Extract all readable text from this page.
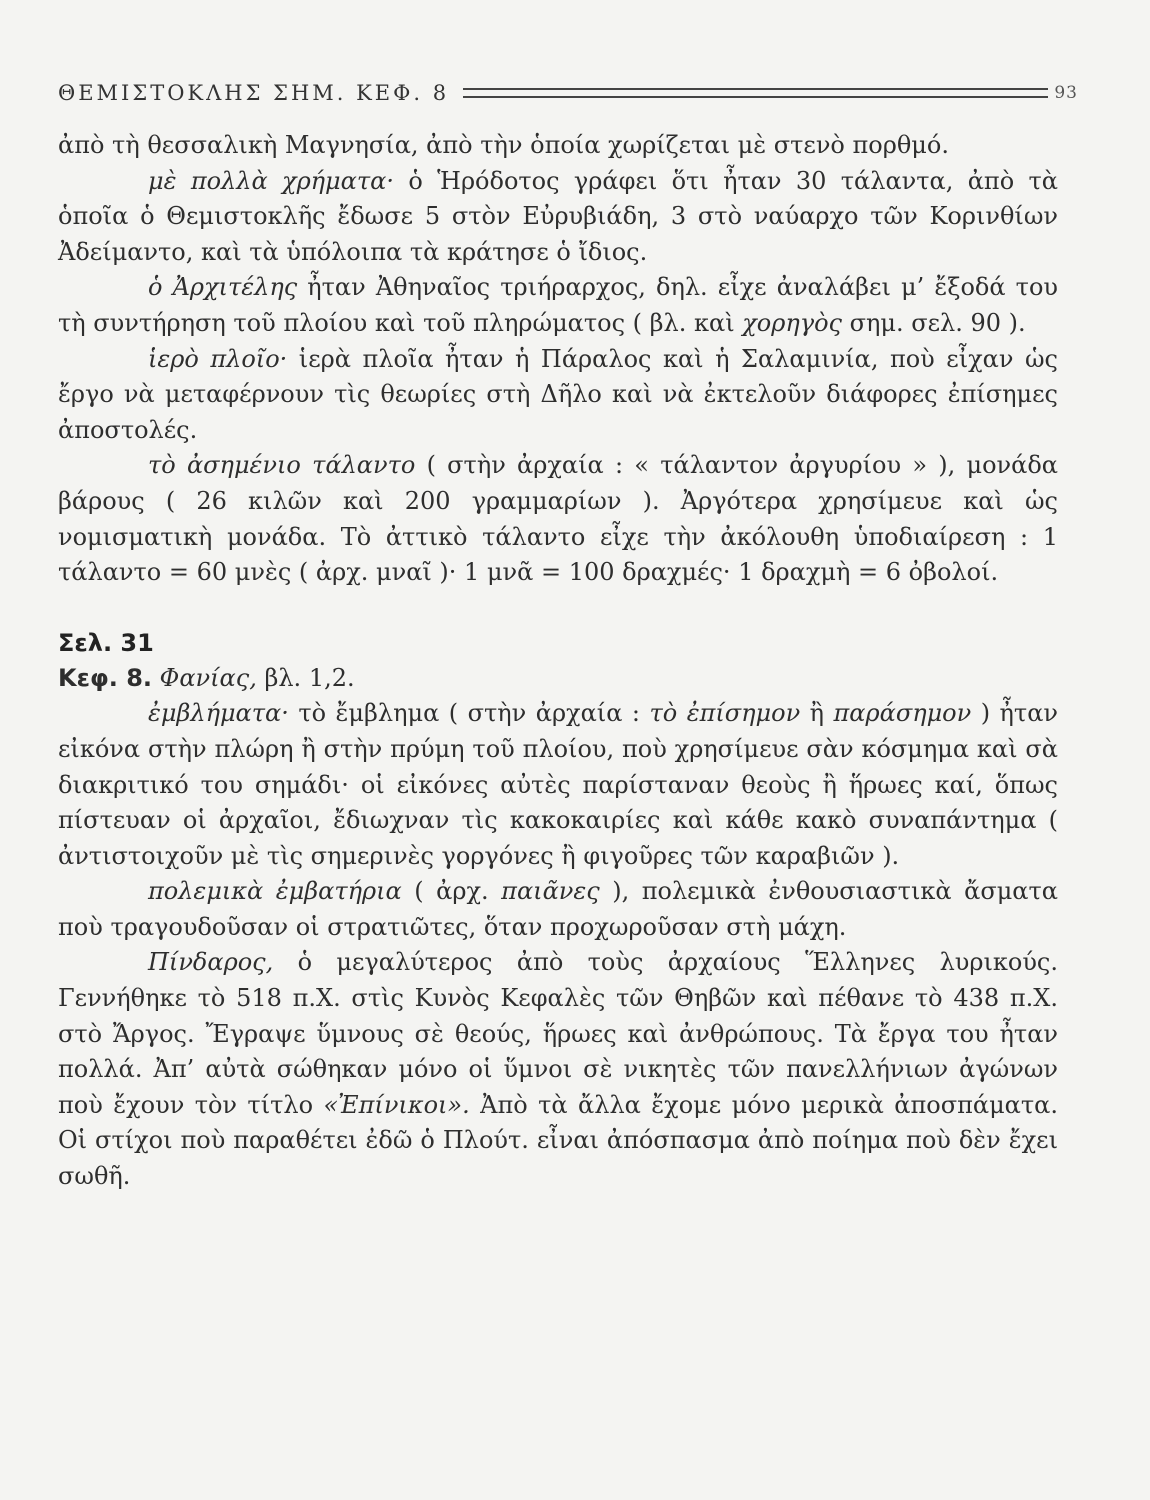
ΘΕΜΙΣΤΟΚΛΗΣ ΣΗΜ. ΚΕΦ. 8	93

ἀπὸ τὴ θεσσαλικὴ Μαγνησία, ἀπὸ τὴν ὁποία χωρίζεται μὲ στενὸ πορθμό.

μὲ πολλὰ χρήματα· ὁ Ἡρόδοτος γράφει ὅτι ἦταν 30 τάλαντα, ἀπὸ τὰ ὁποῖα ὁ Θεμιστοκλῆς ἔδωσε 5 στὸν Εὐρυβιάδη, 3 στὸ ναύαρχο τῶν Κορινθίων Ἀδείμαντο, καὶ τὰ ὑπόλοιπα τὰ κράτησε ὁ ἴδιος.

ὁ Ἀρχιτέλης ἦταν Ἀθηναῖος τριήραρχος, δηλ. εἶχε ἀναλάβει μ’ ἔξοδά του τὴ συντήρηση τοῦ πλοίου καὶ τοῦ πληρώματος ( βλ. καὶ χορηγὸς σημ. σελ. 90 ).

ἱερὸ πλοῖο· ἱερὰ πλοῖα ἦταν ἡ Πάραλος καὶ ἡ Σαλαμινία, ποὺ εἶχαν ὡς ἔργο νὰ μεταφέρνουν τὶς θεωρίες στὴ Δῆλο καὶ νὰ ἐκτελοῦν διάφορες ἐπίσημες ἀποστολές.

τὸ ἀσημένιο τάλαντο ( στὴν ἀρχαία : « τάλαντον ἀργυρίου » ), μονάδα βάρους ( 26 κιλῶν καὶ 200 γραμμαρίων ). Ἀργότερα χρησίμευε καὶ ὡς νομισματικὴ μονάδα. Τὸ ἀττικὸ τάλαντο εἶχε τὴν ἀκόλουθη ὑποδιαίρεση : 1 τάλαντο = 60 μνὲς ( ἀρχ. μναῖ )· 1 μνᾶ = 100 δραχμές· 1 δραχμὴ = 6 ὀβολοί.

Σελ. 31

Κεφ. 8. Φανίας, βλ. 1,2.

ἐμβλήματα· τὸ ἔμβλημα ( στὴν ἀρχαία : τὸ ἐπίσημον ἢ παράσημον ) ἦταν εἰκόνα στὴν πλώρη ἢ στὴν πρύμη τοῦ πλοίου, ποὺ χρησίμευε σὰν κόσμημα καὶ σὰ διακριτικό του σημάδι· οἱ εἰκόνες αὐτὲς παρίσταναν θεοὺς ἢ ἥρωες καί, ὅπως πίστευαν οἱ ἀρχαῖοι, ἔδιωχναν τὶς κακοκαιρίες καὶ κάθε κακὸ συναπάντημα ( ἀντιστοιχοῦν μὲ τὶς σημερινὲς γοργόνες ἢ φιγοῦρες τῶν καραβιῶν ).

πολεμικὰ ἐμβατήρια ( ἀρχ. παιᾶνες ), πολεμικὰ ἐνθουσιαστικὰ ἄσματα ποὺ τραγουδοῦσαν οἱ στρατιῶτες, ὅταν προχωροῦσαν στὴ μάχη.

Πίνδαρος, ὁ μεγαλύτερος ἀπὸ τοὺς ἀρχαίους Ἕλληνες λυρικούς. Γεννήθηκε τὸ 518 π.Χ. στὶς Κυνὸς Κεφαλὲς τῶν Θηβῶν καὶ πέθανε τὸ 438 π.Χ. στὸ Ἄργος. Ἔγραψε ὕμνους σὲ θεούς, ἥρωες καὶ ἀνθρώπους. Τὰ ἔργα του ἦταν πολλά. Ἀπ’ αὐτὰ σώθηκαν μόνο οἱ ὕμνοι σὲ νικητὲς τῶν πανελλήνιων ἀγώνων ποὺ ἔχουν τὸν τίτλο «Ἐπίνικοι». Ἀπὸ τὰ ἄλλα ἔχομε μόνο μερικὰ ἀποσπάματα. Οἱ στίχοι ποὺ παραθέτει ἐδῶ ὁ Πλούτ. εἶναι ἀπόσπασμα ἀπὸ ποίημα ποὺ δὲν ἔχει σωθῆ.
